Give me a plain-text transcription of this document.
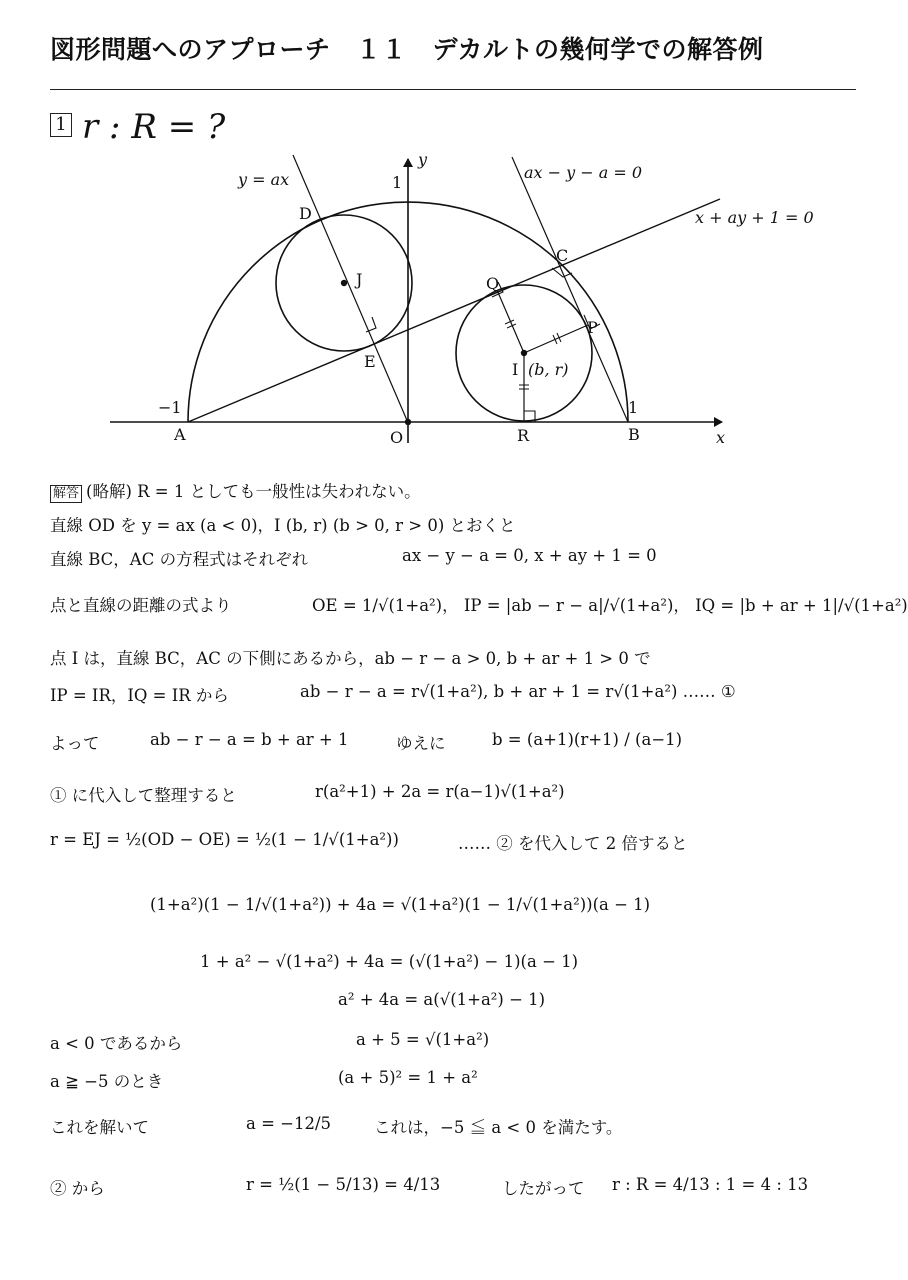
図形問題へのアプローチ　１１　デカルトの幾何学での解答例
1 r : R = ?
y = ax
y
1
ax − y − a = 0
x + ay + 1 = 0
D
J
C
Q
P
E	I (b, r)
−1
A	O	R
1
B	x
解答 (略解) R = 1 としても一般性は失われない。
直線 OD を y = ax (a < 0)，I (b, r) (b > 0, r > 0) とおくと
直線 BC，AC の方程式はそれぞれ	ax − y − a = 0, x + ay + 1 = 0
点と直線の距離の式より	OE = 1/√(1+a²)， IP = |ab − r − a|/√(1+a²)， IQ = |b + ar + 1|/√(1+a²)
点 I は，直線 BC，AC の下側にあるから，ab − r − a > 0, b + ar + 1 > 0 で
IP = IR，IQ = IR から	ab − r − a = r√(1+a²), b + ar + 1 = r√(1+a²) …… ①
よって	ab − r − a = b + ar + 1	ゆえに	b = (a+1)(r+1) / (a−1)
① に代入して整理すると	r(a²+1) + 2a = r(a−1)√(1+a²)
r = EJ = ½(OD − OE) = ½(1 − 1/√(1+a²))	…… ② を代入して 2 倍すると
(1+a²)(1 − 1/√(1+a²)) + 4a = √(1+a²)(1 − 1/√(1+a²))(a − 1)
1 + a² − √(1+a²) + 4a = (√(1+a²) − 1)(a − 1)
a² + 4a = a(√(1+a²) − 1)
a < 0 であるから	a + 5 = √(1+a²)
a ≧ −5 のとき	(a + 5)² = 1 + a²
これを解いて	a = −12/5	これは，−5 ≦ a < 0 を満たす。
② から	r = ½(1 − 5/13) = 4/13	したがって r : R = 4/13 : 1 = 4 : 13
